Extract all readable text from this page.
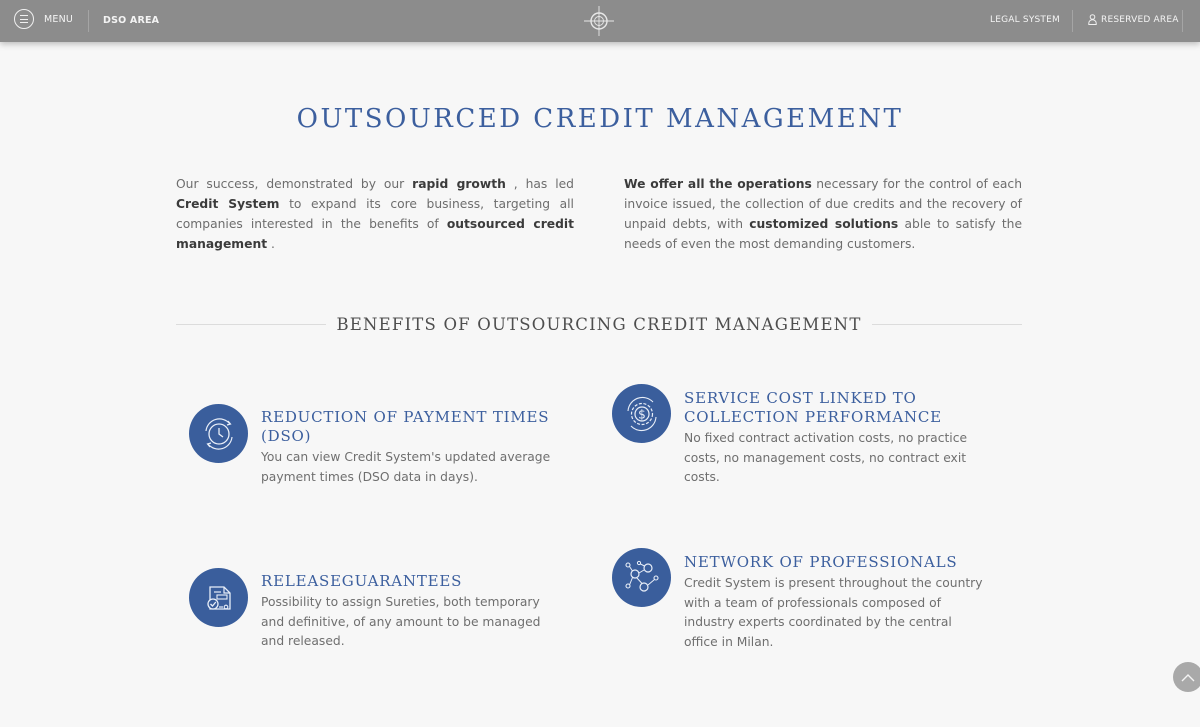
MENU	DSO AREA	LEGAL SYSTEM	RESERVED AREA
OUTSOURCED CREDIT MANAGEMENT

Our success, demonstrated by our rapid growth , has led Credit System to expand its core business, targeting all companies interested in the benefits of outsourced credit management .

We offer all the operations necessary for the control of each invoice issued, the collection of due credits and the recovery of unpaid debts, with customized solutions able to satisfy the needs of even the most demanding customers.

BENEFITS OF OUTSOURCING CREDIT MANAGEMENT
REDUCTION OF PAYMENT TIMES (DSO)

You can view Credit System's updated average payment times (DSO data in days).

$
SERVICE COST LINKED TO COLLECTION PERFORMANCE

No fixed contract activation costs, no practice costs, no management costs, no contract exit costs.

RELEASEGUARANTEES

Possibility to assign Sureties, both temporary and definitive, of any amount to be managed and released.

NETWORK OF PROFESSIONALS

Credit System is present throughout the country with a team of professionals composed of industry experts coordinated by the central office in Milan.
